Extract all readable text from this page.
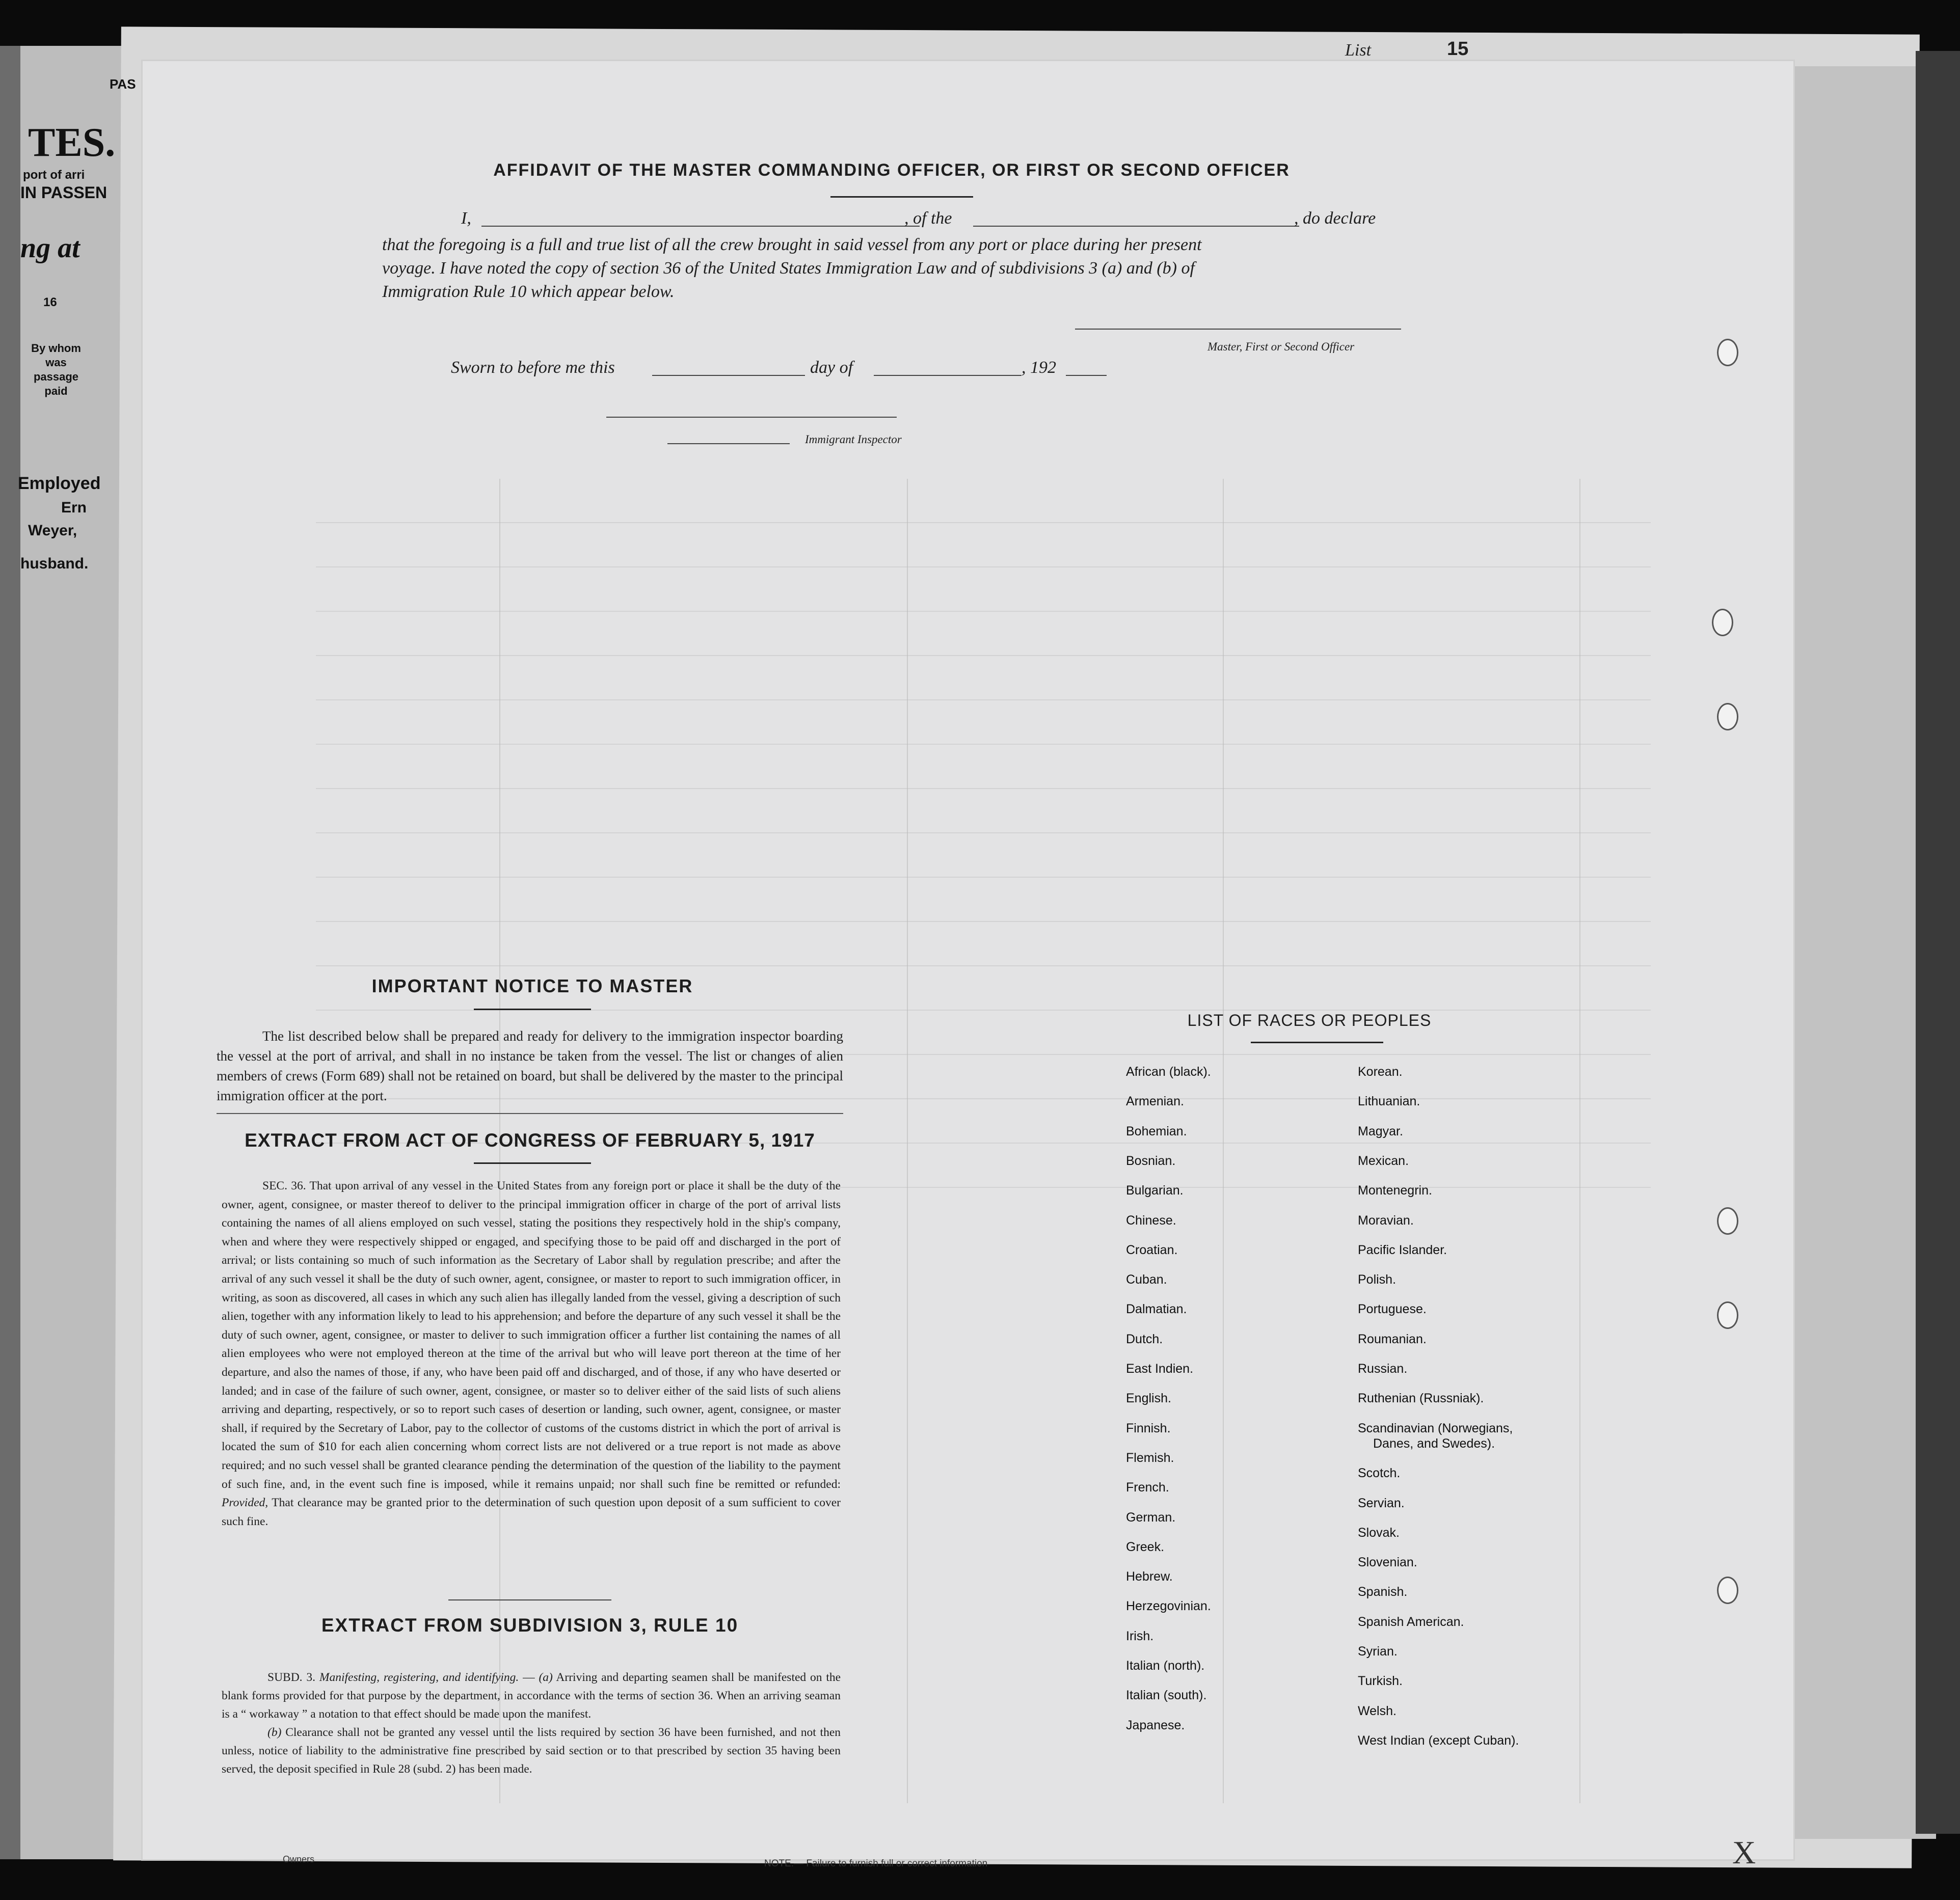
PAS
TES.
port of arri
IN PASSEN
ng at
16
By whom was passage paid
Employed
Ern
Weyer,
husband.
List	15
AFFIDAVIT OF THE MASTER COMMANDING OFFICER, OR FIRST OR SECOND OFFICER
I,	, of the	, do declare
that the foregoing is a full and true list of all the crew brought in said vessel from any port or place during her present
voyage. I have noted the copy of section 36 of the United States Immigration Law and of subdivisions 3 (a) and (b) of
Immigration Rule 10 which appear below.
Master, First or Second Officer
Sworn to before me this	day of	, 192
Immigrant Inspector
IMPORTANT NOTICE TO MASTER
The list described below shall be prepared and ready for delivery to the immigration inspector boarding the vessel at the port of arrival, and shall in no instance be taken from the vessel. The list or changes of alien members of crews (Form 689) shall not be retained on board, but shall be delivered by the master to the principal immigration officer at the port.
EXTRACT FROM ACT OF CONGRESS OF FEBRUARY 5, 1917
SEC. 36. That upon arrival of any vessel in the United States from any foreign port or place it shall be the duty of the owner, agent, consignee, or master thereof to deliver to the principal immigration officer in charge of the port of arrival lists containing the names of all aliens employed on such vessel, stating the positions they respectively hold in the ship's company, when and where they were respectively shipped or engaged, and specifying those to be paid off and discharged in the port of arrival; or lists containing so much of such information as the Secretary of Labor shall by regulation prescribe; and after the arrival of any such vessel it shall be the duty of such owner, agent, consignee, or master to report to such immigration officer, in writing, as soon as discovered, all cases in which any such alien has illegally landed from the vessel, giving a description of such alien, together with any information likely to lead to his apprehension; and before the departure of any such vessel it shall be the duty of such owner, agent, consignee, or master to deliver to such immigration officer a further list containing the names of all alien employees who were not employed thereon at the time of the arrival but who will leave port thereon at the time of her departure, and also the names of those, if any, who have been paid off and discharged, and of those, if any who have deserted or landed; and in case of the failure of such owner, agent, consignee, or master so to deliver either of the said lists of such aliens arriving and departing, respectively, or so to report such cases of desertion or landing, such owner, agent, consignee, or master shall, if required by the Secretary of Labor, pay to the collector of customs of the customs district in which the port of arrival is located the sum of $10 for each alien concerning whom correct lists are not delivered or a true report is not made as above required; and no such vessel shall be granted clearance pending the determination of the question of the liability to the payment of such fine, and, in the event such fine is imposed, while it remains unpaid; nor shall such fine be remitted or refunded: Provided, That clearance may be granted prior to the determination of such question upon deposit of a sum sufficient to cover such fine.
EXTRACT FROM SUBDIVISION 3, RULE 10
SUBD. 3. Manifesting, registering, and identifying. — (a) Arriving and departing seamen shall be manifested on the blank forms provided for that purpose by the department, in accordance with the terms of section 36. When an arriving seaman is a “ workaway ” a notation to that effect should be made upon the manifest.
(b) Clearance shall not be granted any vessel until the lists required by section 36 have been furnished, and not then unless, notice of liability to the administrative fine prescribed by said section or to that prescribed by section 35 having been served, the deposit specified in Rule 28 (subd. 2) has been made.
LIST OF RACES OR PEOPLES
African (black).
Armenian.
Bohemian.
Bosnian.
Bulgarian.
Chinese.
Croatian.
Cuban.
Dalmatian.
Dutch.
East Indien.
English.
Finnish.
Flemish.
French.
German.
Greek.
Hebrew.
Herzegovinian.
Irish.
Italian (north).
Italian (south).
Japanese.
Korean.
Lithuanian.
Magyar.
Mexican.
Montenegrin.
Moravian.
Pacific Islander.
Polish.
Portuguese.
Roumanian.
Russian.
Ruthenian (Russniak).
Scandinavian (Norwegians,
Danes, and Swedes).
Scotch.
Servian.
Slovak.
Slovenian.
Spanish.
Spanish American.
Syrian.
Turkish.
Welsh.
West Indian (except Cuban).
Owners	NOTE.— Failure to furnish full or correct information	X
